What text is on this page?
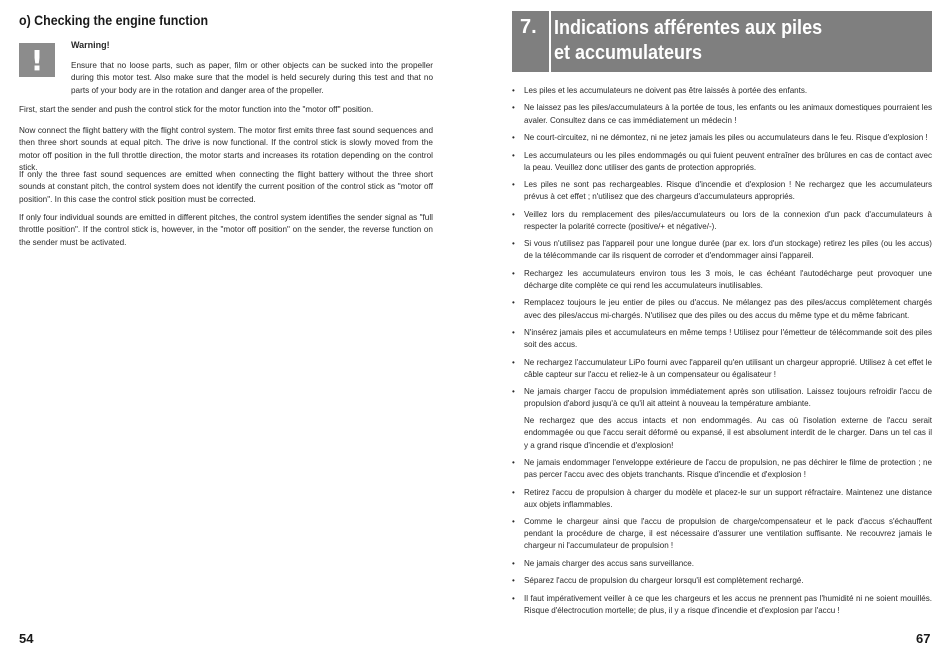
o) Checking the engine function
!	Warning!

Ensure that no loose parts, such as paper, film or other objects can be sucked into the propeller during this motor test. Also make sure that the model is held securely during this test and that no parts of your body are in the rotation and danger area of the propeller.

First, start the sender and push the control stick for the motor function into the "motor off" position.

Now connect the flight battery with the flight control system. The motor first emits three fast sound sequences and then three short sounds at equal pitch. The drive is now functional. If the control stick is slowly moved from the motor off position in the full throttle direction, the motor starts and increases its rotation depending on the control stick.

If only the three fast sound sequences are emitted when connecting the flight battery without the three short sounds at constant pitch, the control system does not identify the current position of the control stick as "motor off position". In this case the control stick position must be corrected.

If only four individual sounds are emitted in different pitches, the control system identifies the sender signal as "full throttle position". If the control stick is, however, in the "motor off position" on the sender, the reverse function on the sender must be activated.

54
7. Indications afférentes aux piles
et accumulateurs
• Les piles et les accumulateurs ne doivent pas être laissés à portée des enfants.
• Ne laissez pas les piles/accumulateurs à la portée de tous, les enfants ou les animaux domestiques pourraient les avaler. Consultez dans ce cas immédiatement un médecin !
• Ne court-circuitez, ni ne démontez, ni ne jetez jamais les piles ou accumulateurs dans le feu. Risque d'explosion !
• Les accumulateurs ou les piles endommagés ou qui fuient peuvent entraîner des brûlures en cas de contact avec la peau. Veuillez donc utiliser des gants de protection appropriés.
• Les piles ne sont pas rechargeables. Risque d'incendie et d'explosion ! Ne rechargez que les accumulateurs prévus à cet effet ; n'utilisez que des chargeurs d'accumulateurs appropriés.
• Veillez lors du remplacement des piles/accumulateurs ou lors de la connexion d'un pack d'accumulateurs à respecter la polarité correcte (positive/+ et négative/-).
• Si vous n'utilisez pas l'appareil pour une longue durée (par ex. lors d'un stockage) retirez les piles (ou les accus) de la télécommande car ils risquent de corroder et d'endommager ainsi l'appareil.
• Rechargez les accumulateurs environ tous les 3 mois, le cas échéant l'autodécharge peut provoquer une décharge dite complète ce qui rend les accumulateurs inutilisables.
• Remplacez toujours le jeu entier de piles ou d'accus. Ne mélangez pas des piles/accus complètement chargés avec des piles/accus mi-chargés. N'utilisez que des piles ou des accus du même type et du même fabricant.
• N'insérez jamais piles et accumulateurs en même temps ! Utilisez pour l'émetteur de télécommande soit des piles soit des accus.
• Ne rechargez l'accumulateur LiPo fourni avec l'appareil qu'en utilisant un chargeur approprié. Utilisez à cet effet le câble capteur sur l'accu et reliez-le à un compensateur ou égalisateur !
• Ne jamais charger l'accu de propulsion immédiatement après son utilisation. Laissez toujours refroidir l'accu de propulsion d'abord jusqu'à ce qu'il ait atteint à nouveau la température ambiante.
Ne rechargez que des accus intacts et non endommagés. Au cas où l'isolation externe de l'accu serait endommagée ou que l'accu serait déformé ou expansé, il est absolument interdit de le charger. Dans un tel cas il y a grand risque d'incendie et d'explosion!
• Ne jamais endommager l'enveloppe extérieure de l'accu de propulsion, ne pas déchirer le filme de protection ; ne pas percer l'accu avec des objets tranchants. Risque d'incendie et d'explosion !
• Retirez l'accu de propulsion à charger du modèle et placez-le sur un support réfractaire. Maintenez une distance aux objets inflammables.
• Comme le chargeur ainsi que l'accu de propulsion de charge/compensateur et le pack d'accus s'échauffent pendant la procédure de charge, il est nécessaire d'assurer une ventilation suffisante. Ne recouvrez jamais le chargeur ni l'accumulateur de propulsion !
• Ne jamais charger des accus sans surveillance.
• Séparez l'accu de propulsion du chargeur lorsqu'il est complètement rechargé.
• Il faut impérativement veiller à ce que les chargeurs et les accus ne prennent pas l'humidité ni ne soient mouillés. Risque d'électrocution mortelle; de plus, il y a risque d'incendie et d'explosion par l'accu !
67
